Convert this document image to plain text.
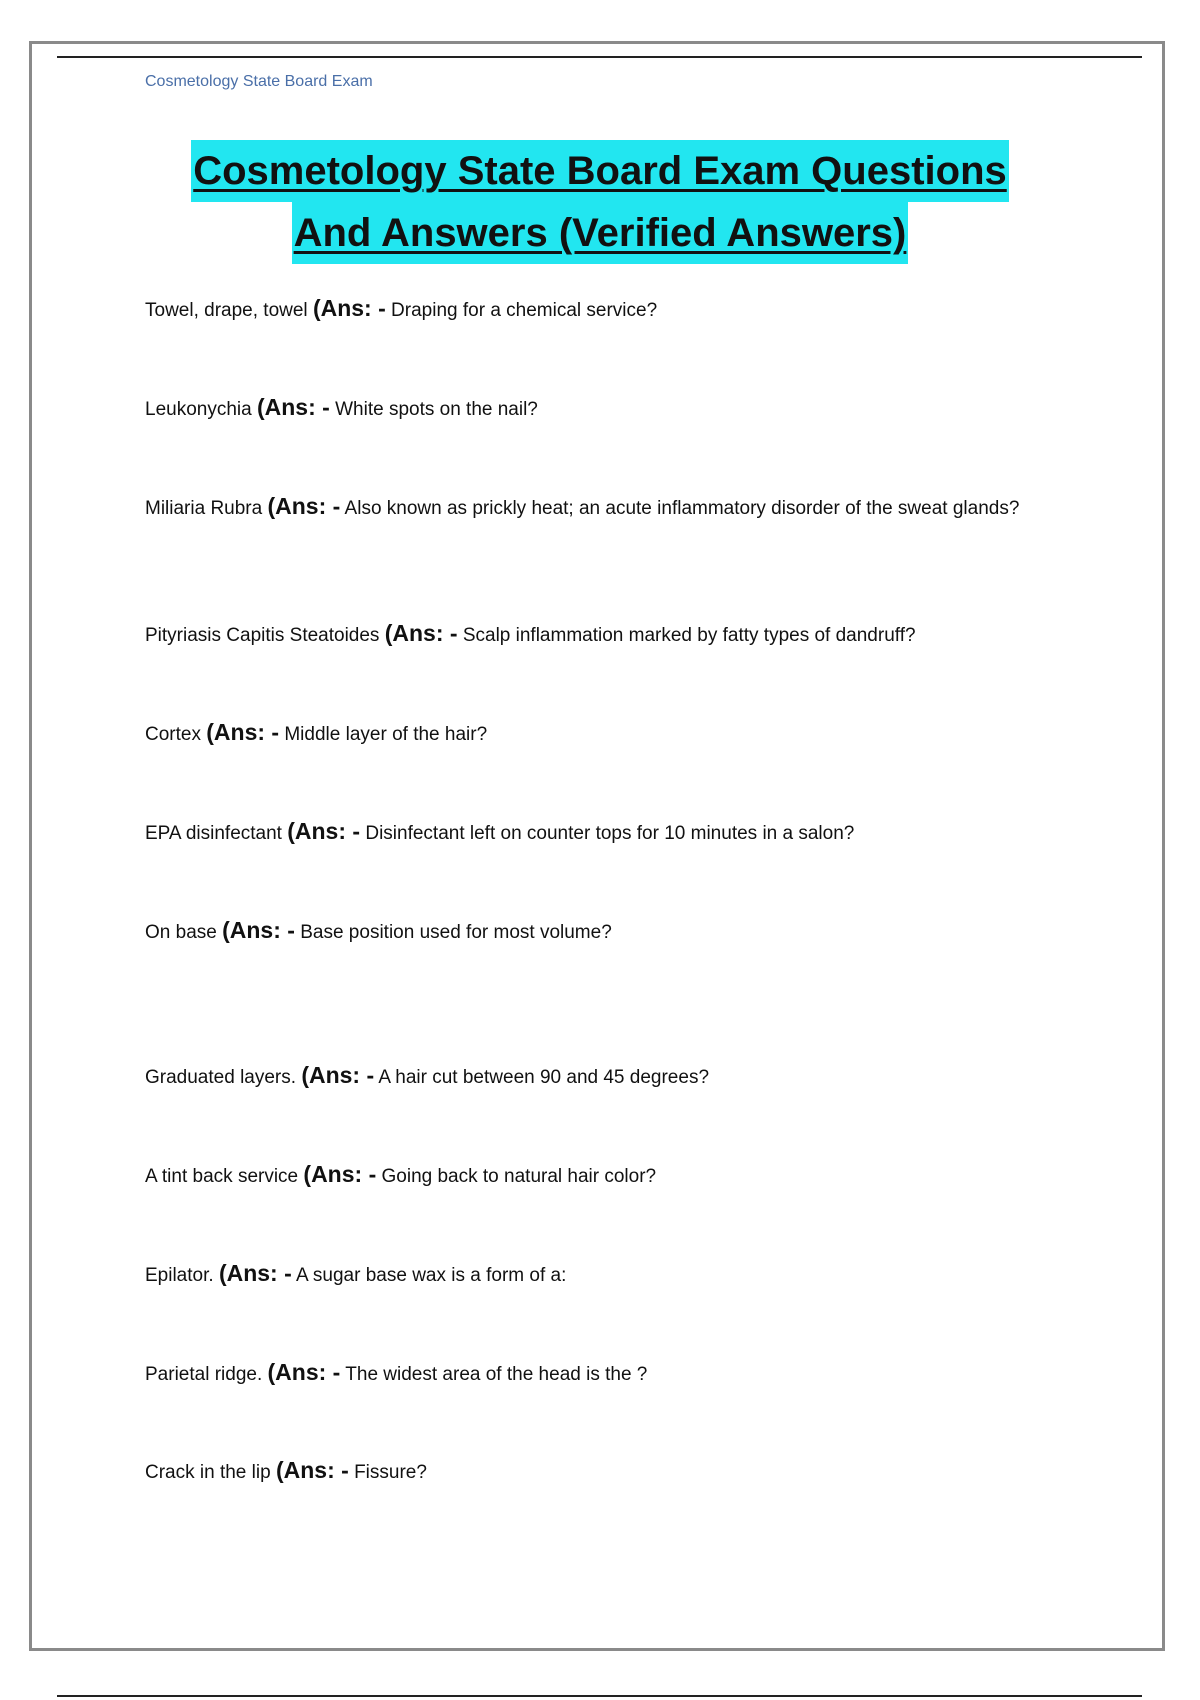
Cosmetology State Board Exam
Cosmetology State Board Exam Questions
And Answers (Verified Answers)
Towel, drape, towel (Ans: - Draping for a chemical service?
Leukonychia (Ans: - White spots on the nail?
Miliaria Rubra (Ans: - Also known as prickly heat; an acute inflammatory disorder of the sweat glands?
Pityriasis Capitis Steatoides (Ans: - Scalp inflammation marked by fatty types of dandruff?
Cortex (Ans: - Middle layer of the hair?
EPA disinfectant (Ans: - Disinfectant left on counter tops for 10 minutes in a salon?
On base (Ans: - Base position used for most volume?
Graduated layers. (Ans: - A hair cut between 90 and 45 degrees?
A tint back service (Ans: - Going back to natural hair color?
Epilator. (Ans: - A sugar base wax is a form of a:
Parietal ridge. (Ans: - The widest area of the head is the ?
Crack in the lip (Ans: - Fissure?
